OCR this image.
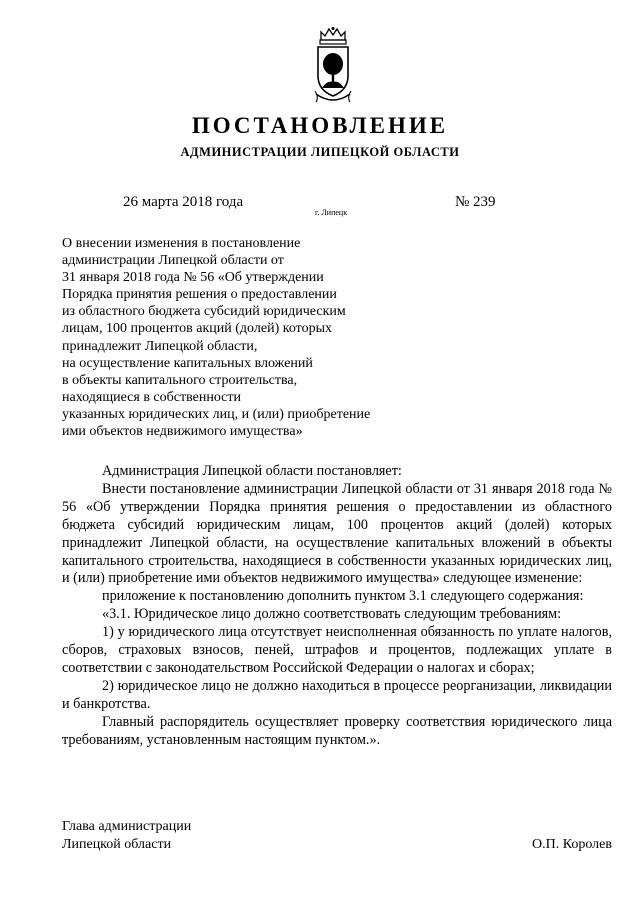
ПОСТАНОВЛЕНИЕ
АДМИНИСТРАЦИИ ЛИПЕЦКОЙ ОБЛАСТИ
26 марта 2018 года
г. Липецк
№ 239
О внесении изменения в постановление
администрации Липецкой области от
31 января 2018 года № 56 «Об утверждении
Порядка принятия решения о предоставлении
из областного бюджета субсидий юридическим
лицам, 100 процентов акций (долей) которых
принадлежит Липецкой области,
на осуществление капитальных вложений
в объекты капитального строительства,
находящиеся в собственности
указанных юридических лиц, и (или) приобретение
ими объектов недвижимого имущества»

Администрация Липецкой области постановляет:

Внести постановление администрации Липецкой области от 31 января 2018 года № 56 «Об утверждении Порядка принятия решения о предоставлении из областного бюджета субсидий юридическим лицам, 100 процентов акций (долей) которых принадлежит Липецкой области, на осуществление капитальных вложений в объекты капитального строительства, находящиеся в собственности указанных юридических лиц, и (или) приобретение ими объектов недвижимого имущества» следующее изменение:

приложение к постановлению дополнить пунктом 3.1 следующего содержания:

«3.1. Юридическое лицо должно соответствовать следующим требованиям:

1) у юридического лица отсутствует неисполненная обязанность по уплате налогов, сборов, страховых взносов, пеней, штрафов и процентов, подлежащих уплате в соответствии с законодательством Российской Федерации о налогах и сборах;

2) юридическое лицо не должно находиться в процессе реорганизации, ликвидации и банкротства.

Главный распорядитель осуществляет проверку соответствия юридического лица требованиям, установленным настоящим пунктом.».

Глава администрации
Липецкой области	О.П. Королев
